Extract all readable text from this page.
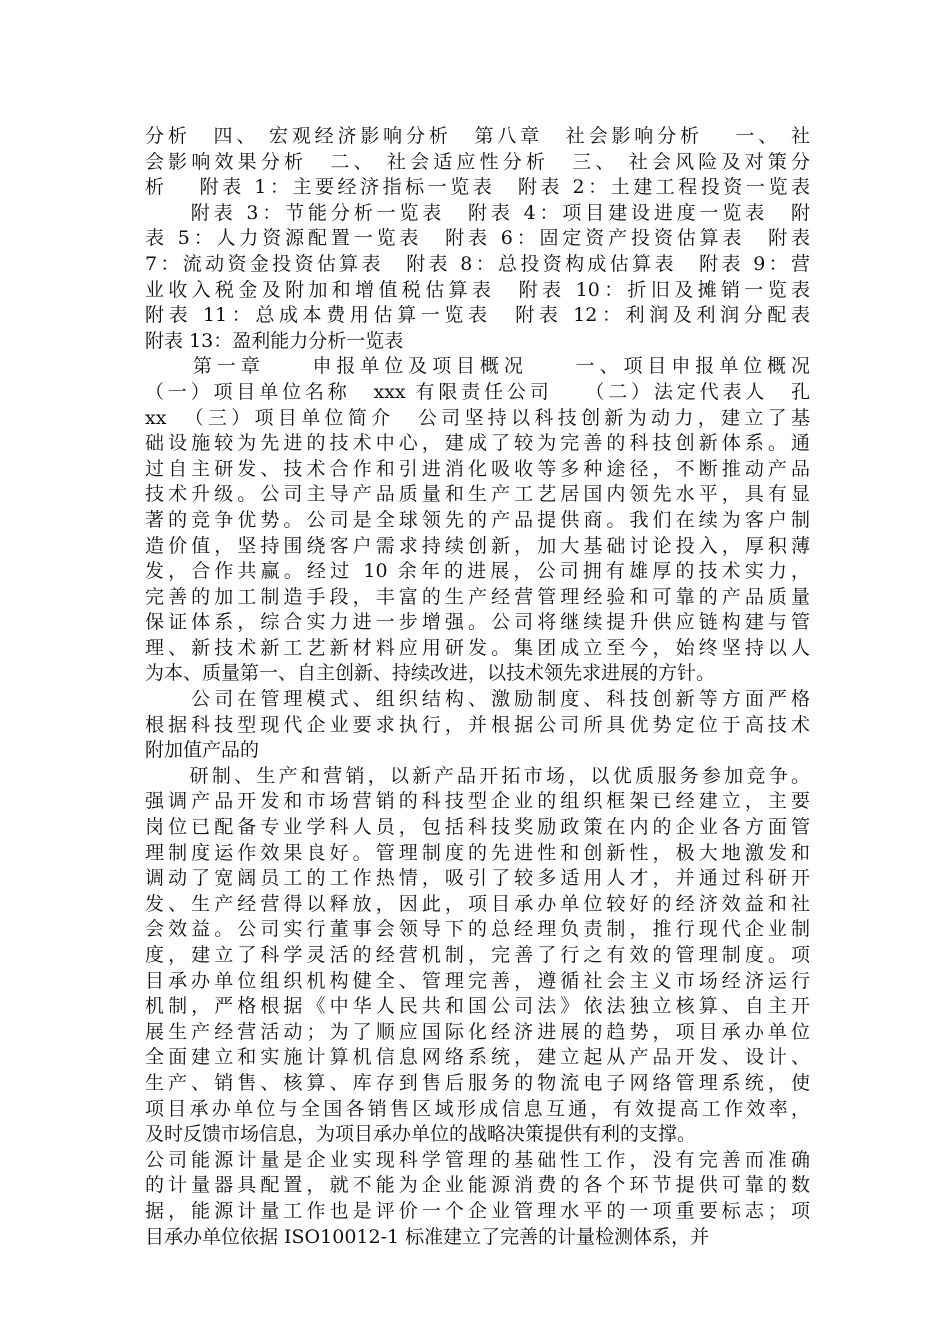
分析　四、 宏观经济影响分析　第八章　社会影响分析　 一、 社
会影响效果分析　二、 社会适应性分析　三、 社会风险及对策分
析　 附表 1：主要经济指标一览表　附表 2：土建工程投资一览表
　　附表 3：节能分析一览表　附表 4：项目建设进度一览表　附
表 5：人力资源配置一览表　附表 6：固定资产投资估算表　附表
7：流动资金投资估算表　附表 8：总投资构成估算表　附表 9：营
业收入税金及附加和增值税估算表　附表 10：折旧及摊销一览表
附表 11：总成本费用估算一览表　附表 12：利润及利润分配表
附表 13：盈利能力分析一览表
　　第一章　　申报单位及项目概况　　一、项目申报单位概况
（一）项目单位名称　xxx 有限责任公司　 （二）法定代表人　孔
xx　（三）项目单位简介　公司坚持以科技创新为动力，建立了基
础设施较为先进的技术中心，建成了较为完善的科技创新体系。通
过自主研发、技术合作和引进消化吸收等多种途径，不断推动产品
技术升级。公司主导产品质量和生产工艺居国内领先水平，具有显
著的竞争优势。公司是全球领先的产品提供商。我们在续为客户制
造价值，坚持围绕客户需求持续创新，加大基础讨论投入，厚积薄
发，合作共赢。经过 10 余年的进展，公司拥有雄厚的技术实力，
完善的加工制造手段，丰富的生产经营管理经验和可靠的产品质量
保证体系，综合实力进一步增强。公司将继续提升供应链构建与管
理、新技术新工艺新材料应用研发。集团成立至今，始终坚持以人
为本、质量第一、自主创新、持续改进，以技术领先求进展的方针。
　　公司在管理模式、组织结构、激励制度、科技创新等方面严格
根据科技型现代企业要求执行，并根据公司所具优势定位于高技术
附加值产品的
　　研制、生产和营销，以新产品开拓市场，以优质服务参加竞争。
强调产品开发和市场营销的科技型企业的组织框架已经建立，主要
岗位已配备专业学科人员，包括科技奖励政策在内的企业各方面管
理制度运作效果良好。管理制度的先进性和创新性，极大地激发和
调动了宽阔员工的工作热情，吸引了较多适用人才，并通过科研开
发、生产经营得以释放，因此，项目承办单位较好的经济效益和社
会效益。公司实行董事会领导下的总经理负责制，推行现代企业制
度，建立了科学灵活的经营机制，完善了行之有效的管理制度。项
目承办单位组织机构健全、管理完善，遵循社会主义市场经济运行
机制，严格根据《中华人民共和国公司法》依法独立核算、自主开
展生产经营活动；为了顺应国际化经济进展的趋势，项目承办单位
全面建立和实施计算机信息网络系统，建立起从产品开发、设计、
生产、销售、核算、库存到售后服务的物流电子网络管理系统，使
项目承办单位与全国各销售区域形成信息互通，有效提高工作效率，
及时反馈市场信息，为项目承办单位的战略决策提供有利的支撑。
公司能源计量是企业实现科学管理的基础性工作，没有完善而准确
的计量器具配置，就不能为企业能源消费的各个环节提供可靠的数
据，能源计量工作也是评价一个企业管理水平的一项重要标志；项
目承办单位依据 ISO10012-1 标准建立了完善的计量检测体系，并
